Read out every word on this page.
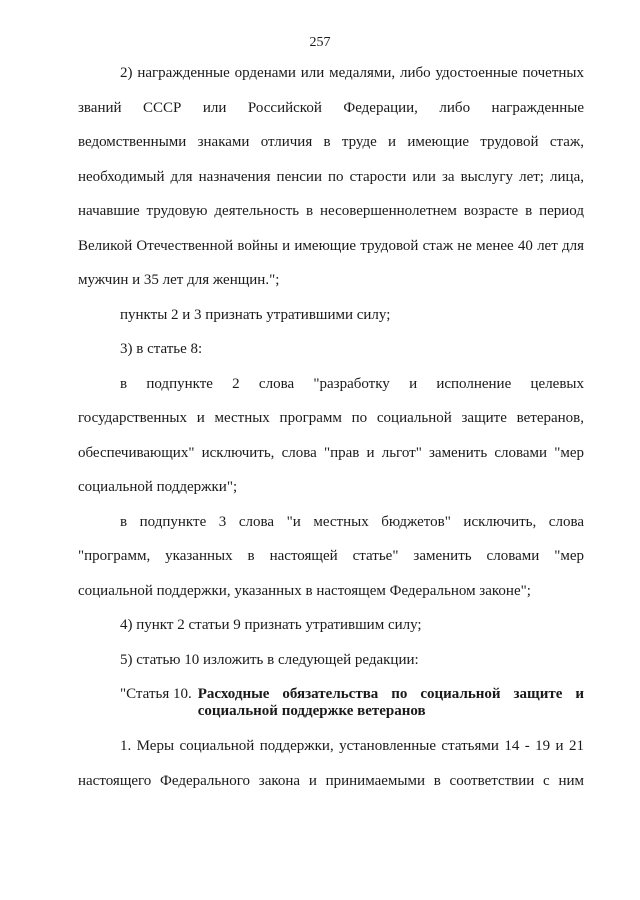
257

2) награжденные орденами или медалями, либо удостоенные почетных званий СССР или Российской Федерации, либо награжденные ведомственными знаками отличия в труде и имеющие трудовой стаж, необходимый для назначения пенсии по старости или за выслугу лет; лица, начавшие трудовую деятельность в несовершеннолетнем возрасте в период Великой Отечественной войны и имеющие трудовой стаж не менее 40 лет для мужчин и 35 лет для женщин.";

пункты 2 и 3 признать утратившими силу;

3) в статье 8:

в подпункте 2 слова "разработку и исполнение целевых государственных и местных программ по социальной защите ветеранов, обеспечивающих" исключить, слова "прав и льгот" заменить словами "мер социальной поддержки";

в подпункте 3 слова "и местных бюджетов" исключить, слова "программ, указанных в настоящей статье" заменить словами "мер социальной поддержки, указанных в настоящем Федеральном законе";

4) пункт 2 статьи 9 признать утратившим силу;

5) статью 10 изложить в следующей редакции:

"Статья 10. Расходные обязательства по социальной защите и социальной поддержке ветеранов

1. Меры социальной поддержки, установленные статьями 14 - 19 и 21 настоящего Федерального закона и принимаемыми в соответствии с ним
